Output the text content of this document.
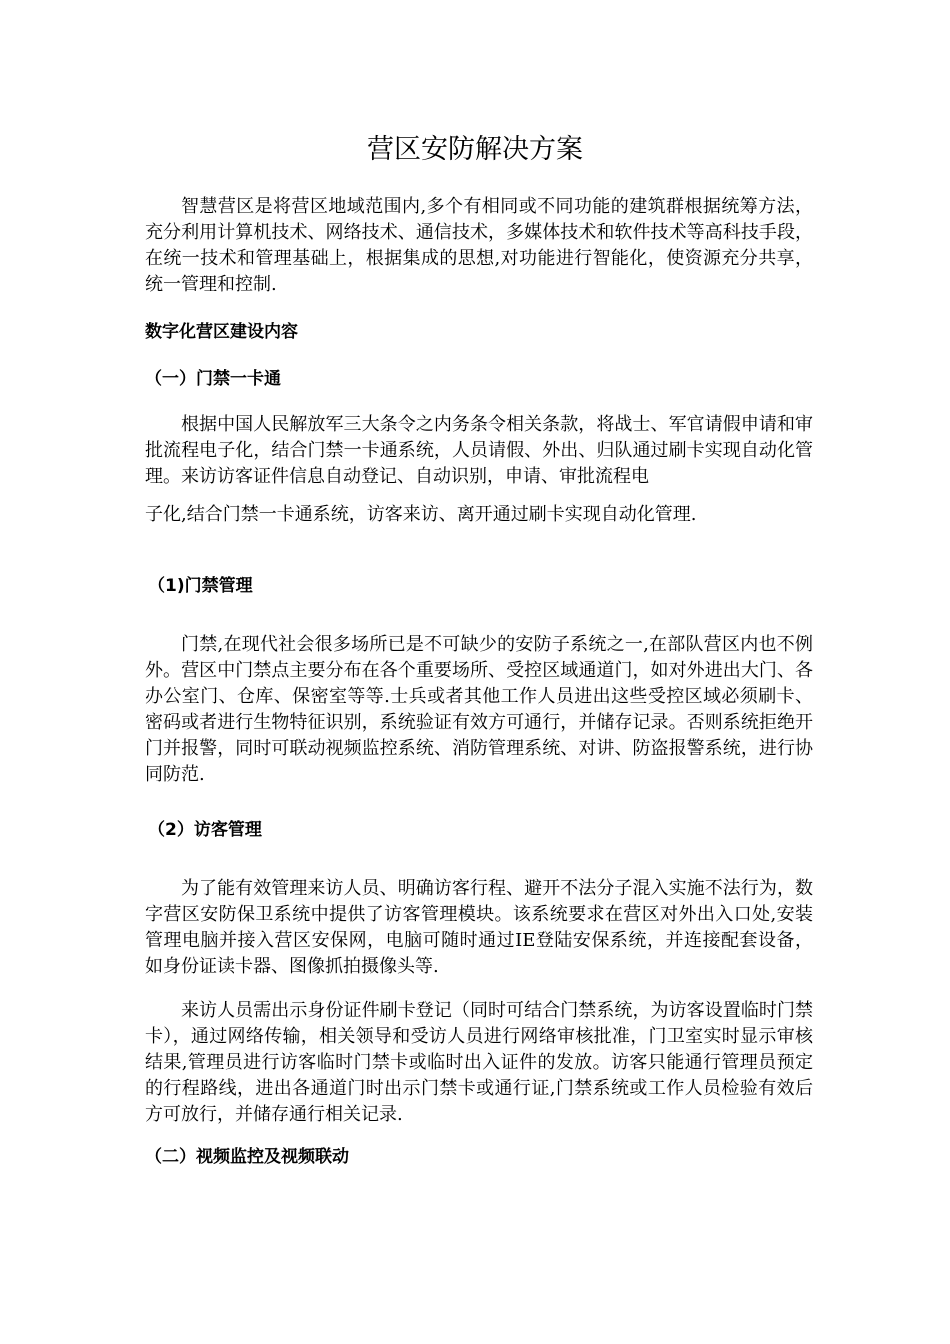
营区安防解决方案

智慧营区是将营区地域范围内,多个有相同或不同功能的建筑群根据统筹方法，充分利用计算机技术、网络技术、通信技术，多媒体技术和软件技术等高科技手段，在统一技术和管理基础上，根据集成的思想,对功能进行智能化，使资源充分共享，统一管理和控制.

数字化营区建设内容
（一）门禁一卡通

根据中国人民解放军三大条令之内务条令相关条款，将战士、军官请假申请和审批流程电子化，结合门禁一卡通系统，人员请假、外出、归队通过刷卡实现自动化管理。来访访客证件信息自动登记、自动识别，申请、审批流程电

子化,结合门禁一卡通系统，访客来访、离开通过刷卡实现自动化管理.

（1)门禁管理

门禁,在现代社会很多场所已是不可缺少的安防子系统之一,在部队营区内也不例外。营区中门禁点主要分布在各个重要场所、受控区域通道门，如对外进出大门、各办公室门、仓库、保密室等等.士兵或者其他工作人员进出这些受控区域必须刷卡、密码或者进行生物特征识别，系统验证有效方可通行，并储存记录。否则系统拒绝开门并报警，同时可联动视频监控系统、消防管理系统、对讲、防盗报警系统，进行协同防范.

（2）访客管理

为了能有效管理来访人员、明确访客行程、避开不法分子混入实施不法行为，数字营区安防保卫系统中提供了访客管理模块。该系统要求在营区对外出入口处,安装管理电脑并接入营区安保网，电脑可随时通过IE登陆安保系统，并连接配套设备，如身份证读卡器、图像抓拍摄像头等.

来访人员需出示身份证件刷卡登记（同时可结合门禁系统，为访客设置临时门禁卡），通过网络传输，相关领导和受访人员进行网络审核批准，门卫室实时显示审核结果,管理员进行访客临时门禁卡或临时出入证件的发放。访客只能通行管理员预定的行程路线，进出各通道门时出示门禁卡或通行证,门禁系统或工作人员检验有效后方可放行，并储存通行相关记录.

（二）视频监控及视频联动
